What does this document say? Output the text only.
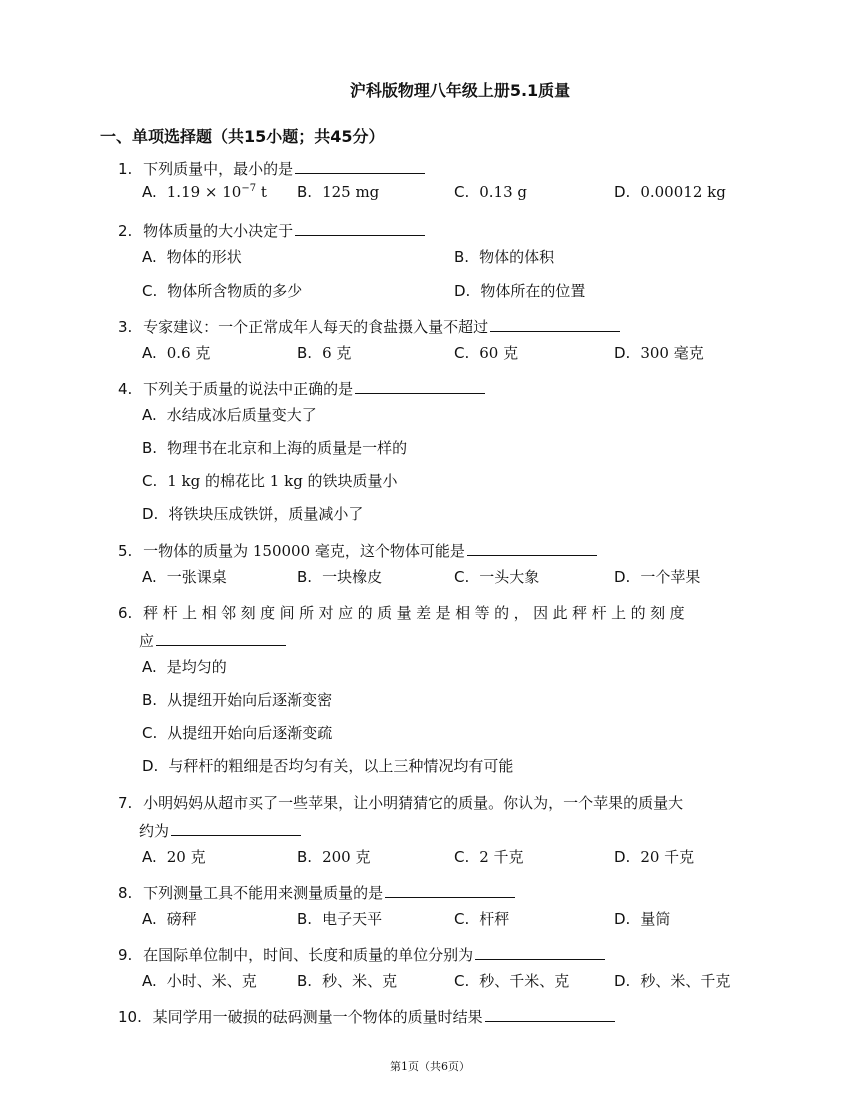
沪科版物理八年级上册5.1质量
一、单项选择题（共15小题；共45分）
1. 下列质量中，最小的是
A. $1.19 \times 10^{-7}$ t B. 125 mg	C. 0.13 g	D. 0.00012 kg
2. 物体质量的大小决定于
A. 物体的形状	B. 物体的体积
C. 物体所含物质的多少	D. 物体所在的位置
3. 专家建议：一个正常成年人每天的食盐摄入量不超过
A. 0.6 克	B. 6 克	C. 60 克	D. 300 毫克
4. 下列关于质量的说法中正确的是
A. 水结成冰后质量变大了
B. 物理书在北京和上海的质量是一样的
C. 1 kg 的棉花比 1 kg 的铁块质量小
D. 将铁块压成铁饼，质量减小了
5. 一物体的质量为 150000 毫克，这个物体可能是
A. 一张课桌	B. 一块橡皮	C. 一头大象	D. 一个苹果
6. 秤杆上相邻刻度间所对应的质量差是相等的，因此秤杆上的刻度
应
A. 是均匀的
B. 从提纽开始向后逐渐变密
C. 从提纽开始向后逐渐变疏
D. 与秤杆的粗细是否均匀有关，以上三种情况均有可能
7. 小明妈妈从超市买了一些苹果，让小明猜猜它的质量。你认为，一个苹果的质量大
约为
A. 20 克	B. 200 克	C. 2 千克	D. 20 千克
8. 下列测量工具不能用来测量质量的是
A. 磅秤	B. 电子天平	C. 杆秤	D. 量筒
9. 在国际单位制中，时间、长度和质量的单位分别为
A. 小时、米、克	B. 秒、米、克	C. 秒、千米、克	D. 秒、米、千克
10. 某同学用一破损的砝码测量一个物体的质量时结果
第1页（共6页）
